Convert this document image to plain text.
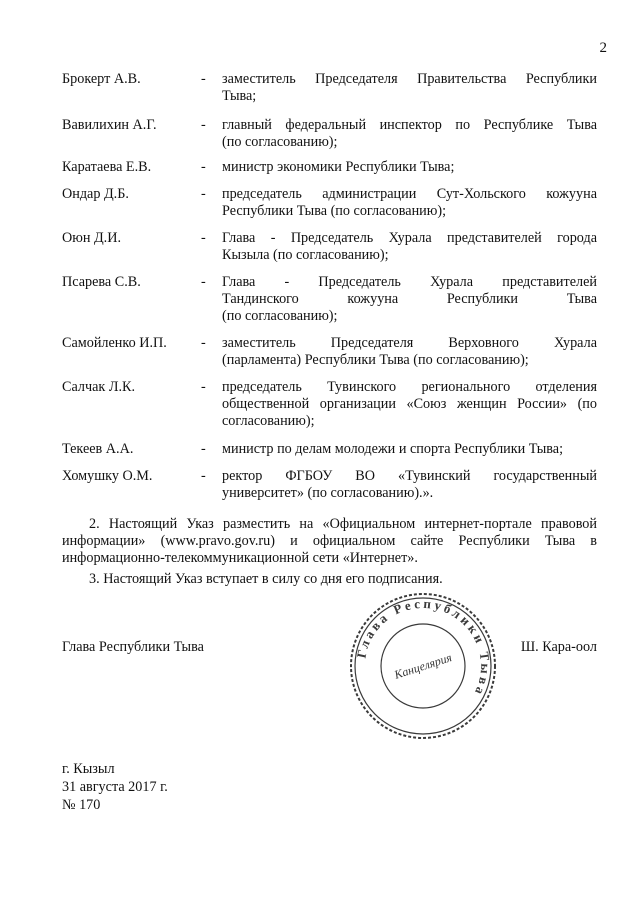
2
Брокерт А.В.	- заместитель Председателя Правительства Республики
Тыва;
Вавилихин А.Г.	- главный федеральный инспектор по Республике Тыва
(по согласованию);
Каратаева Е.В.	- министр экономики Республики Тыва;
Ондар Д.Б.	- председатель администрации Сут-Хольского кожууна
Республики Тыва (по согласованию);
Оюн Д.И.	- Глава - Председатель Хурала представителей города
Кызыла (по согласованию);
Псарева С.В.	- Глава - Председатель Хурала представителей
Тандинского кожууна Республики Тыва
(по согласованию);
Самойленко И.П.	- заместитель Председателя Верховного Хурала
(парламента) Республики Тыва (по согласованию);
Салчак Л.К.	- председатель Тувинского регионального отделения
общественной организации «Союз женщин России» (по
согласованию);
Текеев А.А.	- министр по делам молодежи и спорта Республики Тыва;
Хомушку О.М.	- ректор ФГБОУ ВО «Тувинский государственный
университет» (по согласованию).».
2. Настоящий Указ разместить на «Официальном интернет-портале правовой
информации» (www.pravo.gov.ru) и официальном сайте Республики Тыва в
информационно-телекоммуникационной сети «Интернет».
3. Настоящий Указ вступает в силу со дня его подписания.
Глава Республики Тыва	Глава Республики Тыва
Канцелярия
Ш. Кара-оол
г. Кызыл
31 августа 2017 г.
№ 170
